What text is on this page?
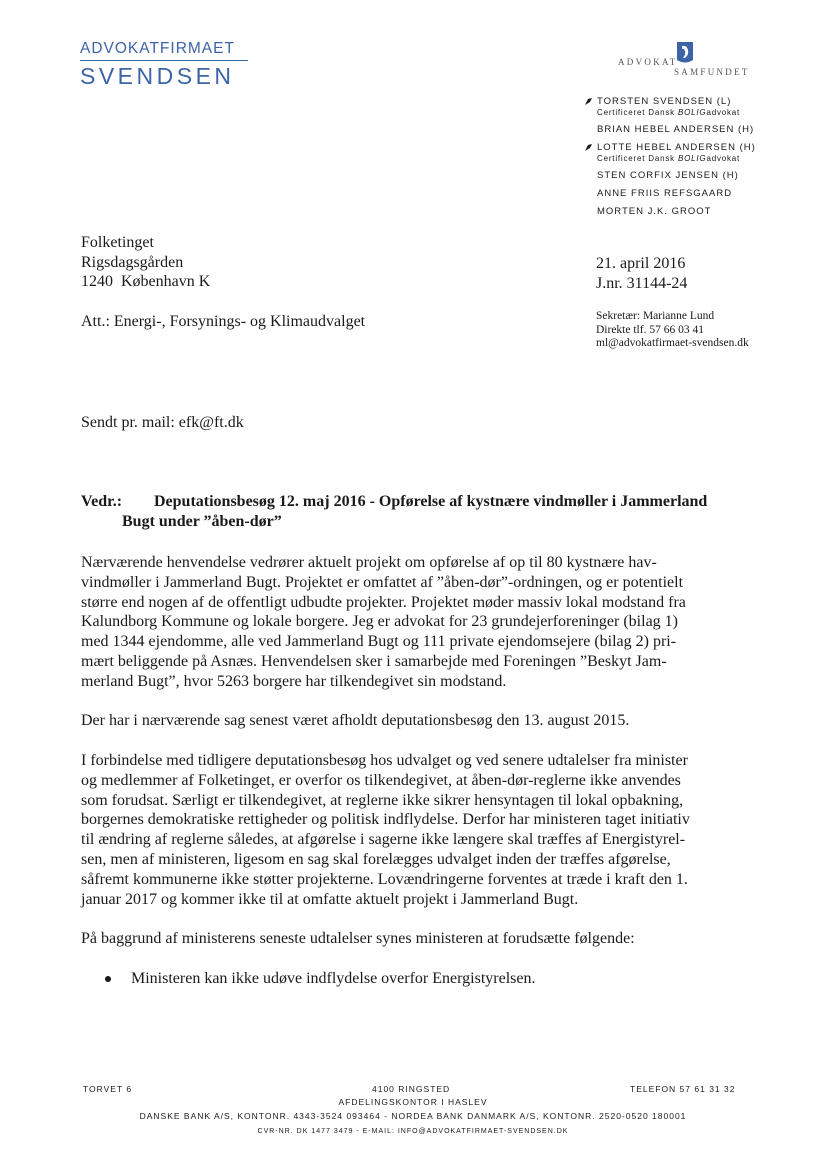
ADVOKATFIRMAET
SVENDSEN
ADVOKAT
SAMFUNDET
TORSTEN SVENDSEN (L)
Certificeret Dansk BOLIGadvokat
BRIAN HEBEL ANDERSEN (H)
LOTTE HEBEL ANDERSEN (H)
Certificeret Dansk BOLIGadvokat
STEN CORFIX JENSEN (H)
ANNE FRIIS REFSGAARD
MORTEN J.K. GROOT
Folketinget
Rigsdagsgården
1240  København K
Att.: Energi-, Forsynings- og Klimaudvalget
21. april 2016
J.nr. 31144-24
Sekretær: Marianne Lund
Direkte tlf. 57 66 03 41
ml@advokatfirmaet-svendsen.dk
Sendt pr. mail: efk@ft.dk
Vedr.: Deputationsbesøg 12. maj 2016 - Opførelse af kystnære vindmøller i Jammerland
Bugt under ”åben-dør”

Nærværende henvendelse vedrører aktuelt projekt om opførelse af op til 80 kystnære hav-
vindmøller i Jammerland Bugt. Projektet er omfattet af ”åben-dør”-ordningen, og er potentielt
større end nogen af de offentligt udbudte projekter. Projektet møder massiv lokal modstand fra
Kalundborg Kommune og lokale borgere. Jeg er advokat for 23 grundejerforeninger (bilag 1)
med 1344 ejendomme, alle ved Jammerland Bugt og 111 private ejendomsejere (bilag 2) pri-
mært beliggende på Asnæs. Henvendelsen sker i samarbejde med Foreningen ”Beskyt Jam-
merland Bugt”, hvor 5263 borgere har tilkendegivet sin modstand.

Der har i nærværende sag senest været afholdt deputationsbesøg den 13. august 2015.

I forbindelse med tidligere deputationsbesøg hos udvalget og ved senere udtalelser fra minister
og medlemmer af Folketinget, er overfor os tilkendegivet, at åben-dør-reglerne ikke anvendes
som forudsat. Særligt er tilkendegivet, at reglerne ikke sikrer hensyntagen til lokal opbakning,
borgernes demokratiske rettigheder og politisk indflydelse. Derfor har ministeren taget initiativ
til ændring af reglerne således, at afgørelse i sagerne ikke længere skal træffes af Energistyrel-
sen, men af ministeren, ligesom en sag skal forelægges udvalget inden der træffes afgørelse,
såfremt kommunerne ikke støtter projekterne. Lovændringerne forventes at træde i kraft den 1.
januar 2017 og kommer ikke til at omfatte aktuelt projekt i Jammerland Bugt.

På baggrund af ministerens seneste udtalelser synes ministeren at forudsætte følgende:

Ministeren kan ikke udøve indflydelse overfor Energistyrelsen.
TORVET 6	4100 RINGSTED	TELEFON 57 61 31 32
AFDELINGSKONTOR I HASLEV
DANSKE BANK A/S, KONTONR. 4343-3524 093464 - NORDEA BANK DANMARK A/S, KONTONR. 2520-0520 180001
CVR-NR. DK 1477 3479 - E-MAIL: INFO@ADVOKATFIRMAET-SVENDSEN.DK
